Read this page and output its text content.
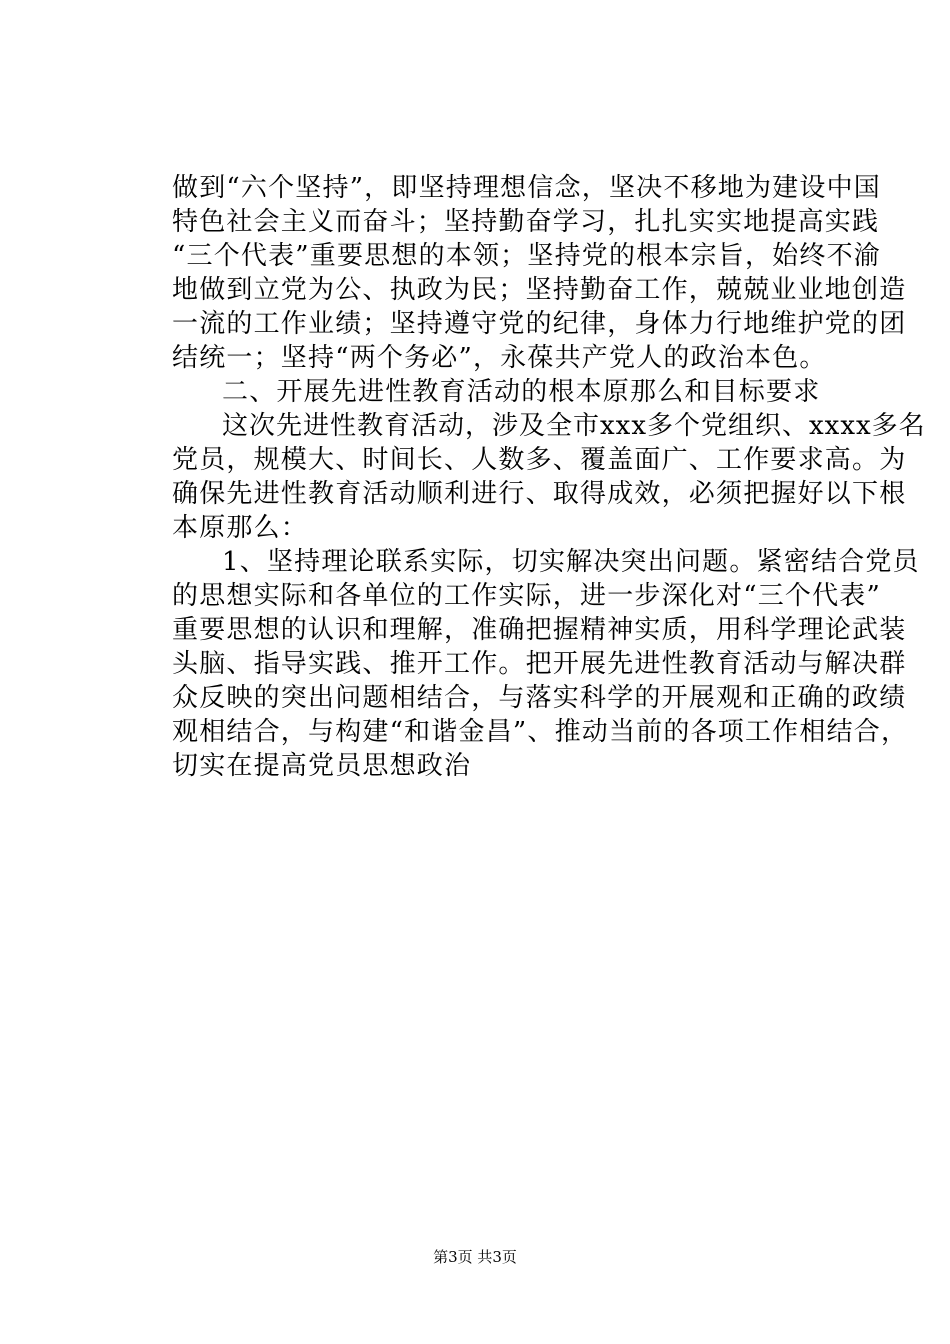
做到“六个坚持”，即坚持理想信念，坚决不移地为建设中国
特色社会主义而奋斗；坚持勤奋学习，扎扎实实地提高实践
“三个代表”重要思想的本领；坚持党的根本宗旨，始终不渝
地做到立党为公、执政为民；坚持勤奋工作，兢兢业业地创造
一流的工作业绩；坚持遵守党的纪律，身体力行地维护党的团
结统一；坚持“两个务必”，永葆共产党人的政治本色。
二、开展先进性教育活动的根本原那么和目标要求
这次先进性教育活动，涉及全市xxx多个党组织、xxxx多名
党员，规模大、时间长、人数多、覆盖面广、工作要求高。为
确保先进性教育活动顺利进行、取得成效，必须把握好以下根
本原那么：
1、坚持理论联系实际，切实解决突出问题。紧密结合党员
的思想实际和各单位的工作实际，进一步深化对“三个代表”
重要思想的认识和理解，准确把握精神实质，用科学理论武装
头脑、指导实践、推开工作。把开展先进性教育活动与解决群
众反映的突出问题相结合，与落实科学的开展观和正确的政绩
观相结合，与构建“和谐金昌”、推动当前的各项工作相结合，
切实在提高党员思想政治
第3页 共3页
